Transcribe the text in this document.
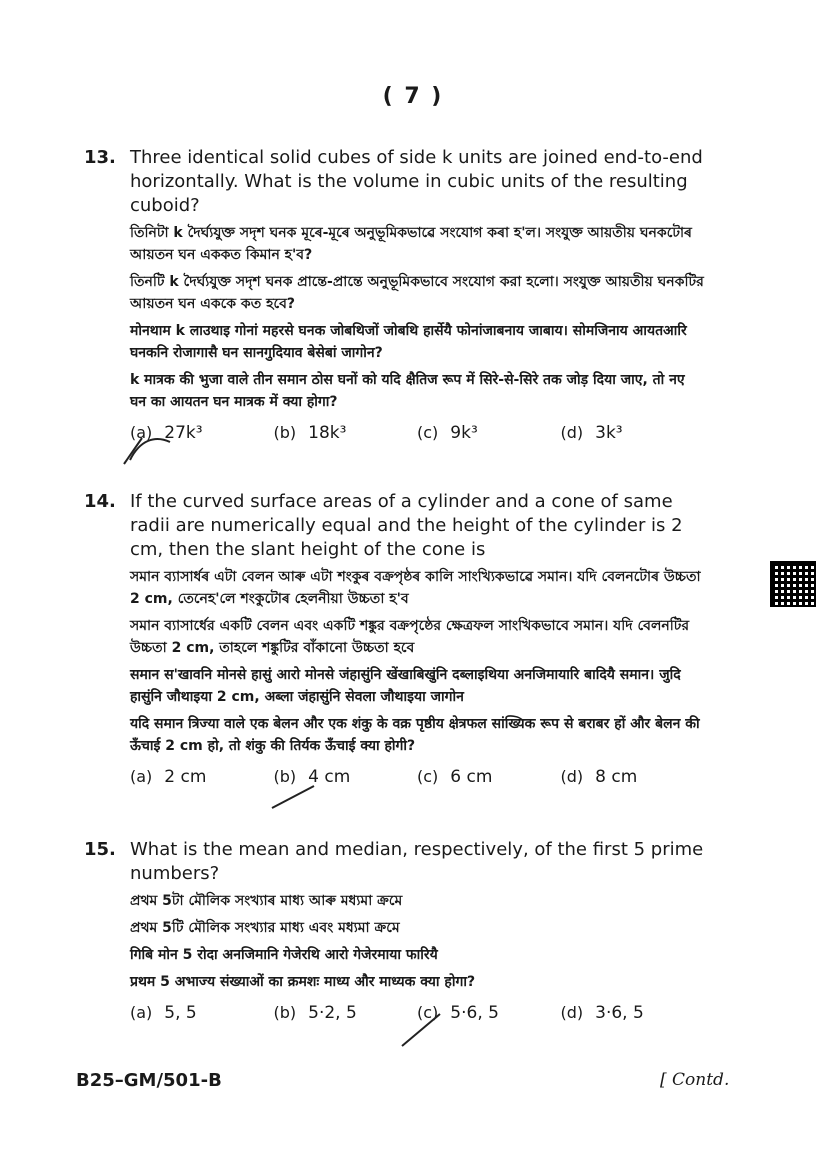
( 7 )
13. Three identical solid cubes of side k units are joined end-to-end horizontally. What is the volume in cubic units of the resulting cuboid?

তিনিটা k দৈৰ্ঘ্যযুক্ত সদৃশ ঘনক মূৰে-মূৰে অনুভূমিকভাৱে সংযোগ কৰা হ'ল। সংযুক্ত আয়তীয় ঘনকটোৰ আয়তন ঘন এককত কিমান হ'ব?

তিনটি k দৈর্ঘ্যযুক্ত সদৃশ ঘনক প্রান্তে-প্রান্তে অনুভূমিকভাবে সংযোগ করা হলো। সংযুক্ত আয়তীয় ঘনকটির আয়তন ঘন এককে কত হবে?

मोनथाम k लाउथाइ गोनां महरसे घनक जोबथिजों जोबथि हार्सेयै फोनांजाबनाय जाबाय। सोमजिनाय आयतआरि घनकनि रोजागासै घन सानगुदियाव बेसेबां जागोन?

k मात्रक की भुजा वाले तीन समान ठोस घनों को यदि क्षैतिज रूप में सिरे-से-सिरे तक जोड़ दिया जाए, तो नए घन का आयतन घन मात्रक में क्या होगा?

(a) 27k³	(b) 18k³	(c) 9k³	(d) 3k³
14. If the curved surface areas of a cylinder and a cone of same radii are numerically equal and the height of the cylinder is 2 cm, then the slant height of the cone is

সমান ব্যাসাৰ্ধৰ এটা বেলন আৰু এটা শংকুৰ বক্রপৃষ্ঠৰ কালি সাংখ্যিকভাৱে সমান। যদি বেলনটোৰ উচ্চতা 2 cm, তেনেহ'লে শংকুটোৰ হেলনীয়া উচ্চতা হ'ব

সমান ব্যাসার্ধের একটি বেলন এবং একটি শঙ্কুর বক্রপৃষ্ঠের ক্ষেত্রফল সাংখিকভাবে সমান। যদি বেলনটির উচ্চতা 2 cm, তাহলে শঙ্কুটির বাঁকানো উচ্চতা হবে

समान स'खावनि मोनसे हासुं आरो मोनसे जंहासुंनि खेंखाबिखुंनि दब्लाइथिया अनजिमायारि बादियै समान। जुदि हासुंनि जौथाइया 2 cm, अब्ला जंहासुंनि सेवला जौथाइया जागोन

यदि समान त्रिज्या वाले एक बेलन और एक शंकु के वक्र पृष्ठीय क्षेत्रफल सांख्यिक रूप से बराबर हों और बेलन की ऊँचाई 2 cm हो, तो शंकु की तिर्यक ऊँचाई क्या होगी?

(a) 2 cm	(b) 4 cm	(c) 6 cm	(d) 8 cm
15. What is the mean and median, respectively, of the first 5 prime numbers?

প্ৰথম 5টা মৌলিক সংখ্যাৰ মাধ্য আৰু মধ্যমা ক্ৰমে

প্রথম 5টি মৌলিক সংখ্যার মাধ্য এবং মধ্যমা ক্রমে

गिबि मोन 5 रोदा अनजिमानि गेजेरथि आरो गेजेरमाया फारियै

प्रथम 5 अभाज्य संख्याओं का क्रमशः माध्य और माध्यक क्या होगा?

(a) 5, 5	(b) 5·2, 5	(c) 5·6, 5	(d) 3·6, 5
B25–GM/501-B	[ Contd.
